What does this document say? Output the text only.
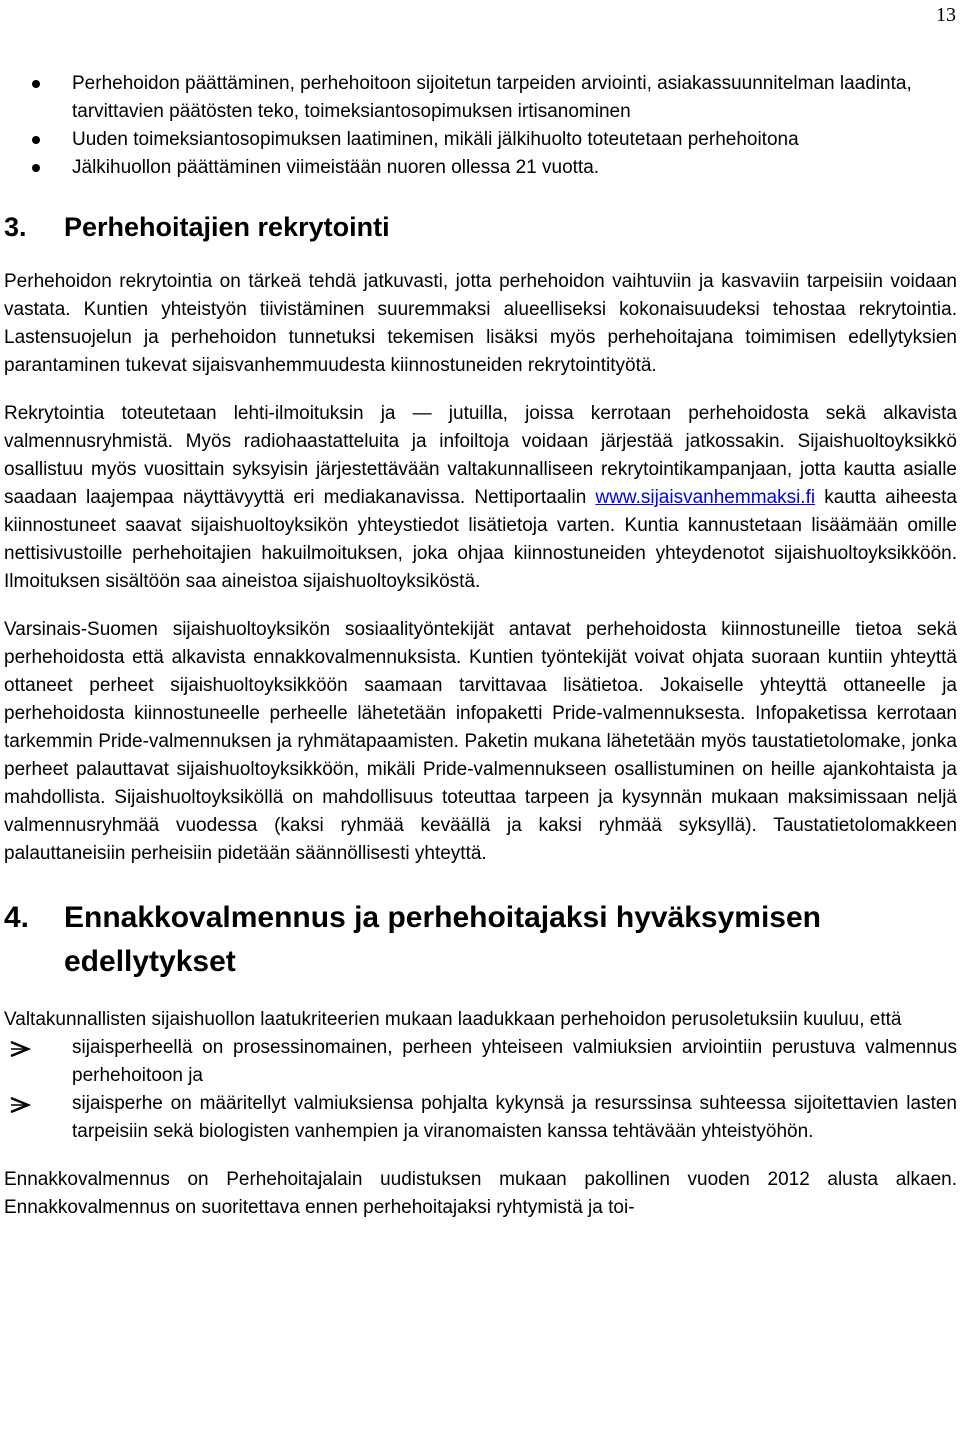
13
Perhehoidon päättäminen, perhehoitoon sijoitetun tarpeiden arviointi, asiakassuunnitelman laadinta, tarvittavien päätösten teko, toimeksiantosopimuksen irtisanominen
Uuden toimeksiantosopimuksen laatiminen, mikäli jälkihuolto toteutetaan perhehoitona
Jälkihuollon päättäminen viimeistään nuoren ollessa 21 vuotta.
3. Perhehoitajien rekrytointi

Perhehoidon rekrytointia on tärkeä tehdä jatkuvasti, jotta perhehoidon vaihtuviin ja kasvaviin tarpeisiin voidaan vastata. Kuntien yhteistyön tiivistäminen suuremmaksi alueelliseksi kokonaisuudeksi tehostaa rekrytointia. Lastensuojelun ja perhehoidon tunnetuksi tekemisen lisäksi myös perhehoitajana toimimisen edellytyksien parantaminen tukevat sijaisvanhemmuudesta kiinnostuneiden rekrytointityötä.

Rekrytointia toteutetaan lehti-ilmoituksin ja — jutuilla, joissa kerrotaan perhehoidosta sekä alkavista valmennusryhmistä. Myös radiohaastatteluita ja infoiltoja voidaan järjestää jatkossakin. Sijaishuoltoyksikkö osallistuu myös vuosittain syksyisin järjestettävään valtakunnalliseen rekrytointikampanjaan, jotta kautta asialle saadaan laajempaa näyttävyyttä eri mediakanavissa. Nettiportaalin www.sijaisvanhemmaksi.fi kautta aiheesta kiinnostuneet saavat sijaishuoltoyksikön yhteystiedot lisätietoja varten. Kuntia kannustetaan lisäämään omille nettisivustoille perhehoitajien hakuilmoituksen, joka ohjaa kiinnostuneiden yhteydenotot sijaishuoltoyksikköön. Ilmoituksen sisältöön saa aineistoa sijaishuoltoyksiköstä.

Varsinais-Suomen sijaishuoltoyksikön sosiaalityöntekijät antavat perhehoidosta kiinnostuneille tietoa sekä perhehoidosta että alkavista ennakkovalmennuksista. Kuntien työntekijät voivat ohjata suoraan kuntiin yhteyttä ottaneet perheet sijaishuoltoyksikköön saamaan tarvittavaa lisätietoa. Jokaiselle yhteyttä ottaneelle ja perhehoidosta kiinnostuneelle perheelle lähetetään infopaketti Pride-valmennuksesta. Infopaketissa kerrotaan tarkemmin Pride-valmennuksen ja ryhmätapaamisten. Paketin mukana lähetetään myös taustatietolomake, jonka perheet palauttavat sijaishuoltoyksikköön, mikäli Pride-valmennukseen osallistuminen on heille ajankohtaista ja mahdollista. Sijaishuoltoyksiköllä on mahdollisuus toteuttaa tarpeen ja kysynnän mukaan maksimissaan neljä valmennusryhmää vuodessa (kaksi ryhmää keväällä ja kaksi ryhmää syksyllä). Taustatietolomakkeen palauttaneisiin perheisiin pidetään säännöllisesti yhteyttä.

4. Ennakkovalmennus ja perhehoitajaksi hyväksymisen edellytykset

Valtakunnallisten sijaishuollon laatukriteerien mukaan laadukkaan perhehoidon perusoletuksiin kuuluu, että

sijaisperheellä on prosessinomainen, perheen yhteiseen valmiuksien arviointiin perustuva valmennus perhehoitoon ja
sijaisperhe on määritellyt valmiuksiensa pohjalta kykynsä ja resurssinsa suhteessa sijoitettavien lasten tarpeisiin sekä biologisten vanhempien ja viranomaisten kanssa tehtävään yhteistyöhön.

Ennakkovalmennus on Perhehoitajalain uudistuksen mukaan pakollinen vuoden 2012 alusta alkaen. Ennakkovalmennus on suoritettava ennen perhehoitajaksi ryhtymistä ja toi-
